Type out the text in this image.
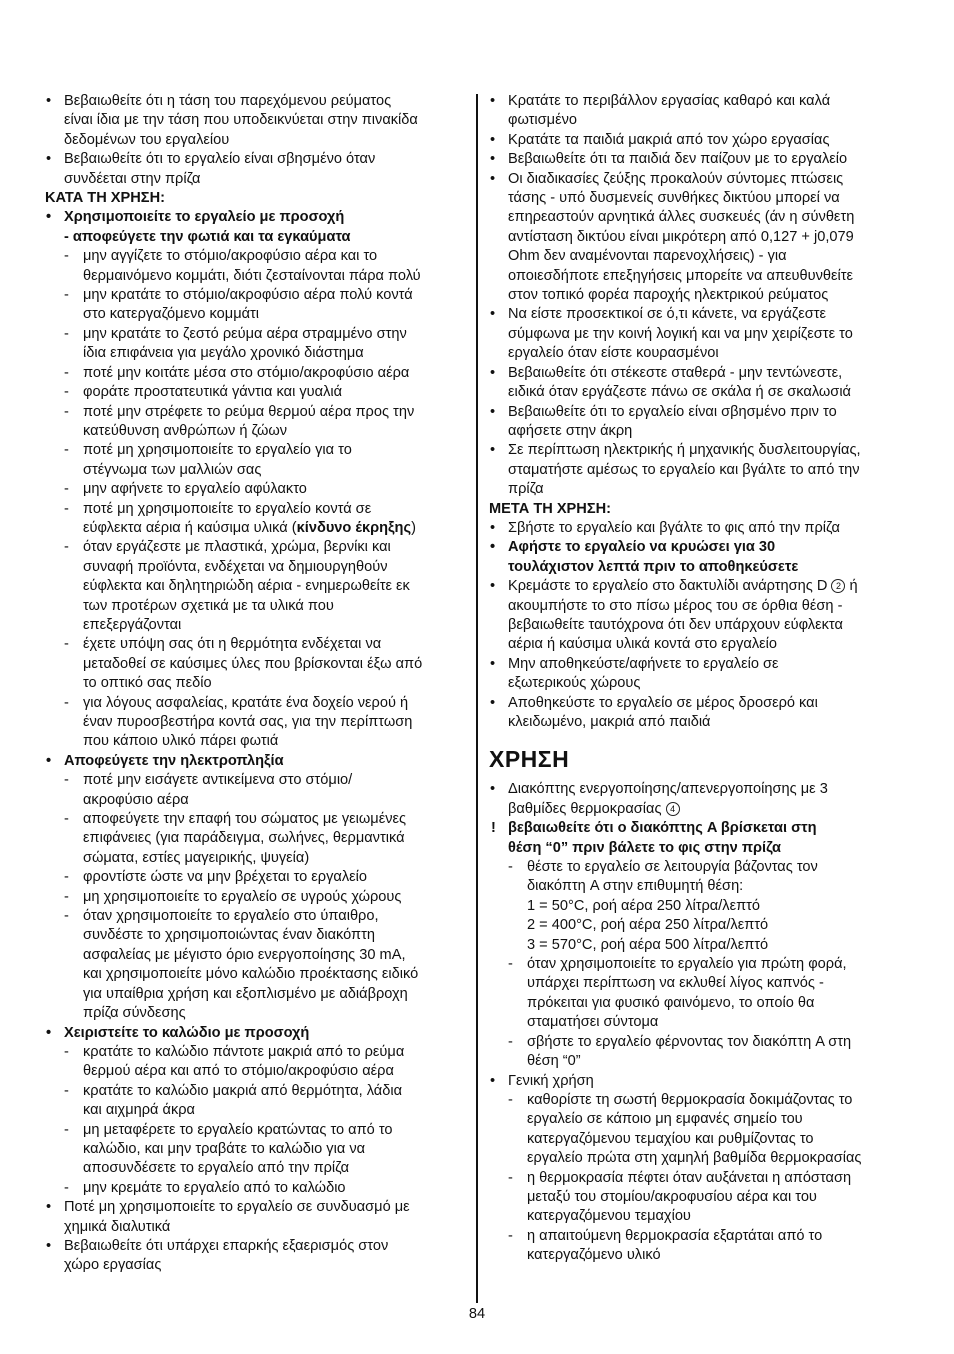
• Βεβαιωθείτε ότι η τάση του παρεχόμενου ρεύματος
είναι ίδια με την τάση που υποδεικνύεται στην πινακίδα
δεδομένων του εργαλείου
• Βεβαιωθείτε ότι το εργαλείο είναι σβησμένο όταν
συνδέεται στην πρίζα
ΚΑΤΑ ΤΗ ΧΡΗΣΗ:
• Χρησιμοποιείτε το εργαλείο με προσοχή
- αποφεύγετε την φωτιά και τα εγκαύματα
- μην αγγίζετε το στόμιο/ακροφύσιο αέρα και το
θερμαινόμενο κομμάτι, διότι ζεσταίνονται πάρα πολύ
- μην κρατάτε το στόμιο/ακροφύσιο αέρα πολύ κοντά
στο κατεργαζόμενο κομμάτι
- μην κρατάτε το ζεστό ρεύμα αέρα στραμμένο στην
ίδια επιφάνεια για μεγάλο χρονικό διάστημα
- ποτέ μην κοιτάτε μέσα στο στόμιο/ακροφύσιο αέρα
- φοράτε προστατευτικά γάντια και γυαλιά
- ποτέ μην στρέφετε το ρεύμα θερμού αέρα προς την
κατεύθυνση ανθρώπων ή ζώων
- ποτέ μη χρησιμοποιείτε το εργαλείο για το
στέγνωμα των μαλλιών σας
- μην αφήνετε το εργαλείο αφύλακτο
- ποτέ μη χρησιμοποιείτε το εργαλείο κοντά σε
εύφλεκτα αέρια ή καύσιμα υλικά (κίνδυνο έκρηξης)
- όταν εργάζεστε με πλαστικά, χρώμα, βερνίκι και
συναφή προϊόντα, ενδέχεται να δημιουργηθούν
εύφλεκτα και δηλητηριώδη αέρια - ενημερωθείτε εκ
των προτέρων σχετικά με τα υλικά που
επεξεργάζονται
- έχετε υπόψη σας ότι η θερμότητα ενδέχεται να
μεταδοθεί σε καύσιμες ύλες που βρίσκονται έξω από
το οπτικό σας πεδίο
- για λόγους ασφαλείας, κρατάτε ένα δοχείο νερού ή
έναν πυροσβεστήρα κοντά σας, για την περίπτωση
που κάποιο υλικό πάρει φωτιά
• Αποφεύγετε την ηλεκτροπληξία
- ποτέ μην εισάγετε αντικείμενα στο στόμιο/
ακροφύσιο αέρα
- αποφεύγετε την επαφή του σώματος με γειωμένες
επιφάνειες (για παράδειγμα, σωλήνες, θερμαντικά
σώματα, εστίες μαγειρικής, ψυγεία)
- φροντίστε ώστε να μην βρέχεται το εργαλείο
- μη χρησιμοποιείτε το εργαλείο σε υγρούς χώρους
- όταν χρησιμοποιείτε το εργαλείο στο ύπαιθρο,
συνδέστε το χρησιμοποιώντας έναν διακόπτη
ασφαλείας με μέγιστο όριο ενεργοποίησης 30 mA,
και χρησιμοποιείτε μόνο καλώδιο προέκτασης ειδικό
για υπαίθρια χρήση και εξοπλισμένο με αδιάβροχη
πρίζα σύνδεσης
• Χειριστείτε το καλώδιο με προσοχή
- κρατάτε το καλώδιο πάντοτε μακριά από το ρεύμα
θερμού αέρα και από το στόμιο/ακροφύσιο αέρα
- κρατάτε το καλώδιο μακριά από θερμότητα, λάδια
και αιχμηρά άκρα
- μη μεταφέρετε το εργαλείο κρατώντας το από το
καλώδιο, και μην τραβάτε το καλώδιο για να
αποσυνδέσετε το εργαλείο από την πρίζα
- μην κρεμάτε το εργαλείο από το καλώδιο
• Ποτέ μη χρησιμοποιείτε το εργαλείο σε συνδυασμό με
χημικά διαλυτικά
• Βεβαιωθείτε ότι υπάρχει επαρκής εξαερισμός στον
χώρο εργασίας
• Κρατάτε το περιβάλλον εργασίας καθαρό και καλά
φωτισμένο
• Κρατάτε τα παιδιά μακριά από τον χώρο εργασίας
• Βεβαιωθείτε ότι τα παιδιά δεν παίζουν με το εργαλείο
• Οι διαδικασίες ζεύξης προκαλούν σύντομες πτώσεις
τάσης - υπό δυσμενείς συνθήκες δικτύου μπορεί να
επηρεαστούν αρνητικά άλλες συσκευές (άν η σύνθετη
αντίσταση δικτύου είναι μικρότερη από 0,127 + j0,079
Ohm δεν αναμένονται παρενοχλήσεις) - για
οποιεσδήποτε επεξηγήσεις μπορείτε να απευθυνθείτε
στον τοπικό φορέα παροχής ηλεκτρικού ρεύματος
• Να είστε προσεκτικοί σε ό,τι κάνετε, να εργάζεστε
σύμφωνα με την κοινή λογική και να μην χειρίζεστε το
εργαλείο όταν είστε κουρασμένοι
• Βεβαιωθείτε ότι στέκεστε σταθερά - μην τεντώνεστε,
ειδικά όταν εργάζεστε πάνω σε σκάλα ή σε σκαλωσιά
• Βεβαιωθείτε ότι το εργαλείο είναι σβησμένο πριν το
αφήσετε στην άκρη
• Σε περίπτωση ηλεκτρικής ή μηχανικής δυσλειτουργίας,
σταματήστε αμέσως το εργαλείο και βγάλτε το από την
πρίζα
ΜΕΤΑ ΤΗ ΧΡΗΣΗ:
• Σβήστε το εργαλείο και βγάλτε το φις από την πρίζα
• Αφήστε το εργαλείο να κρυώσει για 30
τουλάχιστον λεπτά πριν το αποθηκεύσετε
• Κρεμάστε το εργαλείο στο δακτυλίδι ανάρτησης D 2 ή
ακουμπήστε το στο πίσω μέρος του σε όρθια θέση -
βεβαιωθείτε ταυτόχρονα ότι δεν υπάρχουν εύφλεκτα
αέρια ή καύσιμα υλικά κοντά στο εργαλείο
• Μην αποθηκεύστε/αφήνετε το εργαλείο σε
εξωτερικούς χώρους
• Αποθηκεύστε το εργαλείο σε μέρος δροσερό και
κλειδωμένο, μακριά από παιδιά
ΧΡΗΣΗ
• Διακόπτης ενεργοποίησης/απενεργοποίησης με 3
βαθμίδες θερμοκρασίας 4
! βεβαιωθείτε ότι ο διακόπτης A βρίσκεται στη
θέση “0” πριν βάλετε το φις στην πρίζα
- θέστε το εργαλείο σε λειτουργία βάζοντας τον
διακόπτη A στην επιθυμητή θέση:
1 = 50°C, ροή αέρα 250 λίτρα/λεπτό
2 = 400°C, ροή αέρα 250 λίτρα/λεπτό
3 = 570°C, ροή αέρα 500 λίτρα/λεπτό
- όταν χρησιμοποιείτε το εργαλείο για πρώτη φορά,
υπάρχει περίπτωση να εκλυθεί λίγος καπνός -
πρόκειται για φυσικό φαινόμενο, το οποίο θα
σταματήσει σύντομα
- σβήστε το εργαλείο φέρνοντας τον διακόπτη A στη
θέση “0”
• Γενική χρήση
- καθορίστε τη σωστή θερμοκρασία δοκιμάζοντας το
εργαλείο σε κάποιο μη εμφανές σημείο του
κατεργαζόμενου τεμαχίου και ρυθμίζοντας το
εργαλείο πρώτα στη χαμηλή βαθμίδα θερμοκρασίας
- η θερμοκρασία πέφτει όταν αυξάνεται η απόσταση
μεταξύ του στομίου/ακροφυσίου αέρα και του
κατεργαζόμενου τεμαχίου
- η απαιτούμενη θερμοκρασία εξαρτάται από το
κατεργαζόμενο υλικό
84
